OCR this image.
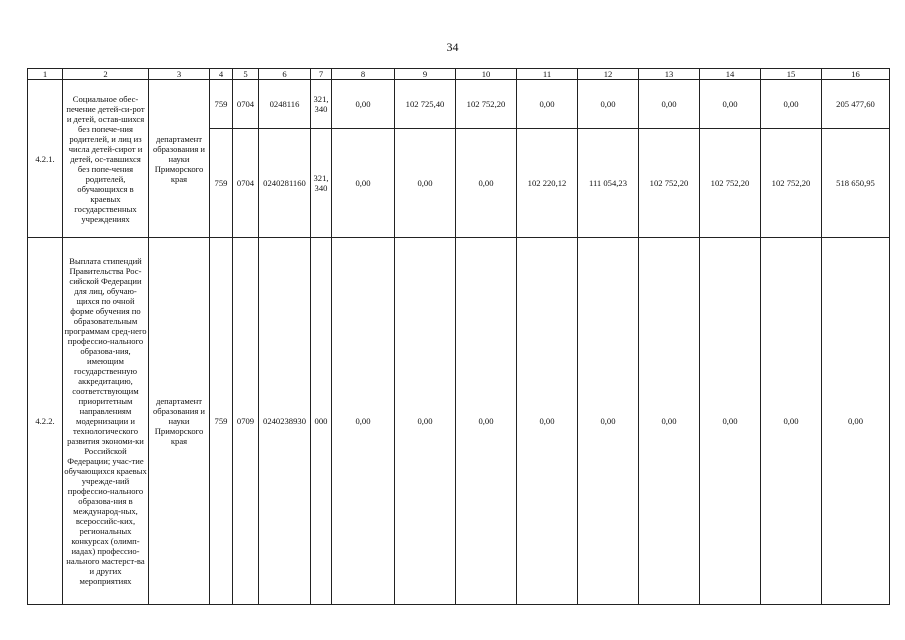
34
1	2	3	4	5	6	7	8	9	10	11	12	13	14	15	16
4.2.1.	Социальное обес-печение детей-си-рот и детей, остав-шихся без попече-ния родителей, и лиц из числа детей-сирот и детей, ос-тавшихся без попе-чения родителей, обучающихся в краевых государственных учреждениях	департамент образования и науки Приморского края	759	0704	0248116	321, 340	0,00	102 725,40	102 752,20	0,00	0,00	0,00	0,00	0,00	205 477,60
			759	0704	0240281160	321, 340	0,00	0,00	0,00	102 220,12	111 054,23	102 752,20	102 752,20	102 752,20	518 650,95
4.2.2.	Выплата стипендий Правительства Рос-сийской Федерации для лиц, обучаю-щихся по очной форме обучения по образовательным программам сред-него профессио-нального образова-ния, имеющим государственную аккредитацию, соответствующим приоритетным направлениям модернизации и технологического развития экономи-ки Российской Федерации; учас-тие обучающихся краевых учрежде-ний профессио-нального образова-ния в международ-ных, всероссийс-ких, региональных конкурсах (олимп-иадах) профессио-нального мастерст-ва и других мероприятиях	департамент образования и науки Приморского края	759	0709	0240238930	000	0,00	0,00	0,00	0,00	0,00	0,00	0,00	0,00	0,00
